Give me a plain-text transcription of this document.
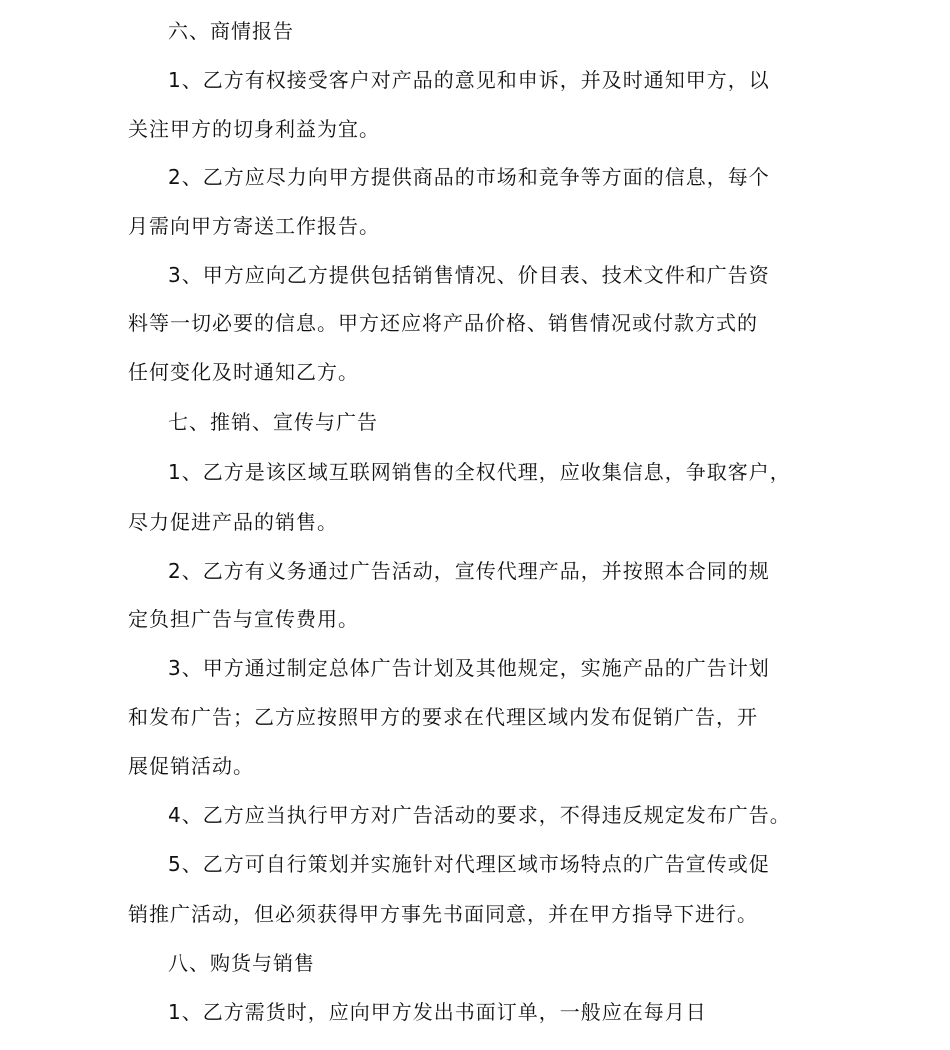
六、商情报告
1、乙方有权接受客户对产品的意见和申诉，并及时通知甲方，以
关注甲方的切身利益为宜。
2、乙方应尽力向甲方提供商品的市场和竞争等方面的信息，每个
月需向甲方寄送工作报告。
3、甲方应向乙方提供包括销售情况、价目表、技术文件和广告资
料等一切必要的信息。甲方还应将产品价格、销售情况或付款方式的
任何变化及时通知乙方。
七、推销、宣传与广告
1、乙方是该区域互联网销售的全权代理，应收集信息，争取客户，
尽力促进产品的销售。
2、乙方有义务通过广告活动，宣传代理产品，并按照本合同的规
定负担广告与宣传费用。
3、甲方通过制定总体广告计划及其他规定，实施产品的广告计划
和发布广告；乙方应按照甲方的要求在代理区域内发布促销广告，开
展促销活动。
4、乙方应当执行甲方对广告活动的要求，不得违反规定发布广告。
5、乙方可自行策划并实施针对代理区域市场特点的广告宣传或促
销推广活动，但必须获得甲方事先书面同意，并在甲方指导下进行。
八、购货与销售
1、乙方需货时，应向甲方发出书面订单，一般应在每月日
